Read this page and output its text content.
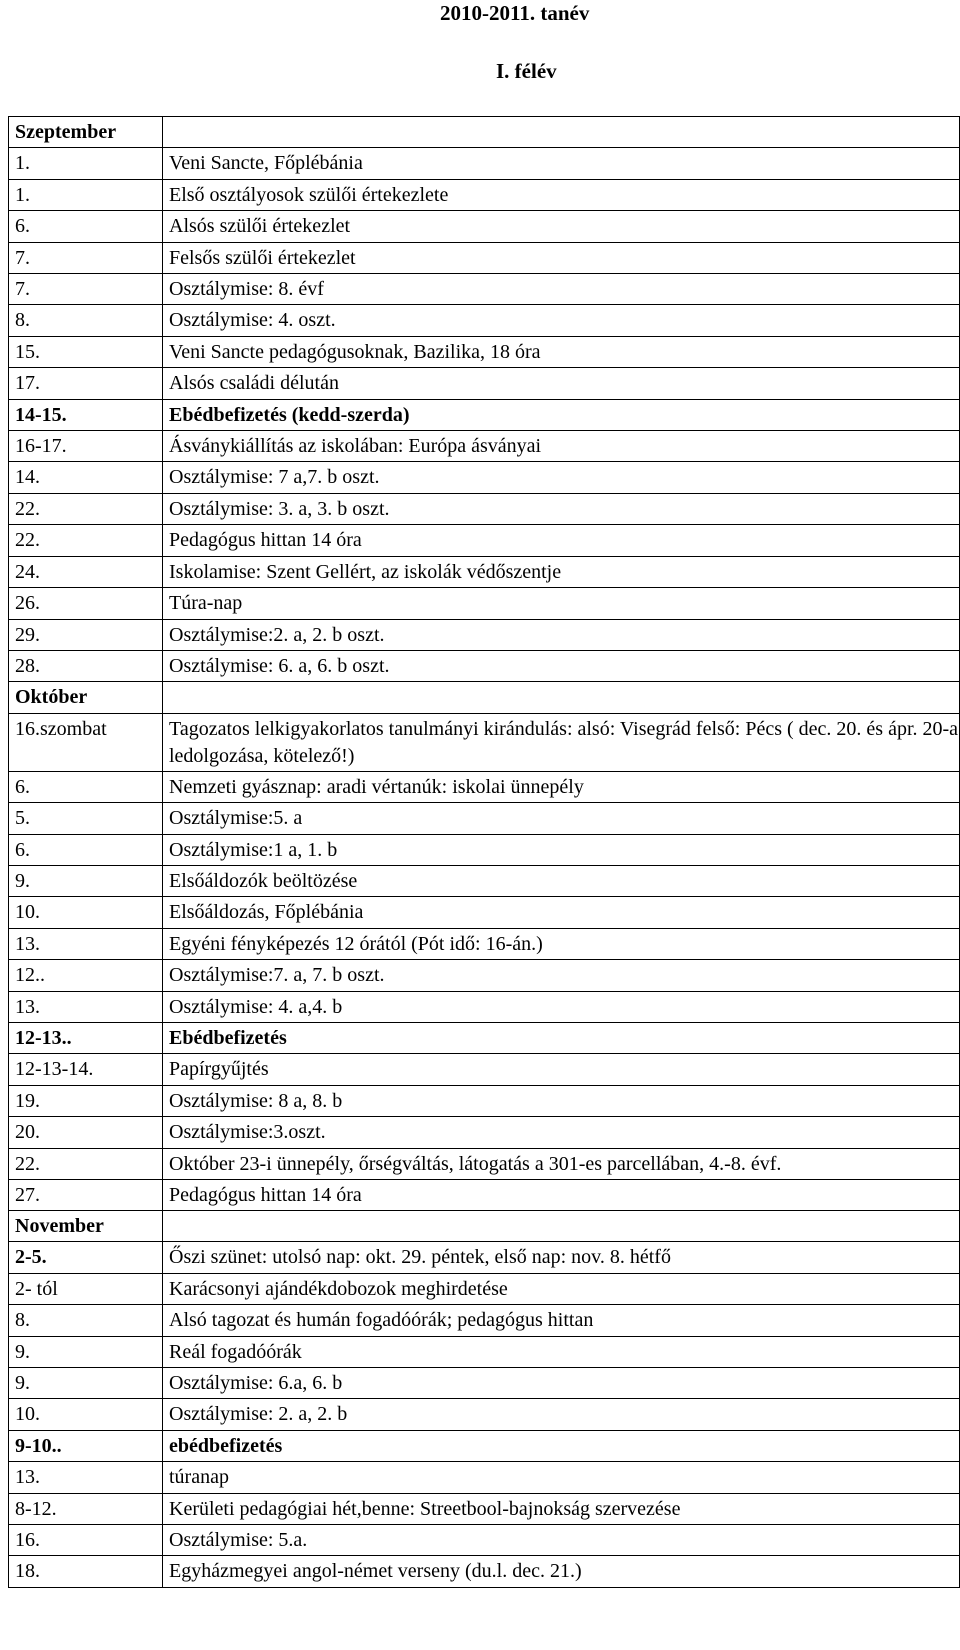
2010-2011. tanév
I. félév
Szeptember	
1.	Veni Sancte, Főplébánia
1.	Első osztályosok szülői értekezlete
6.	Alsós szülői értekezlet
7.	Felsős szülői értekezlet
7.	Osztálymise: 8. évf
8.	Osztálymise: 4. oszt.
15.	Veni Sancte pedagógusoknak, Bazilika, 18 óra
17.	Alsós családi délután
14-15.	Ebédbefizetés (kedd-szerda)
16-17.	Ásványkiállítás az iskolában: Európa ásványai
14.	Osztálymise: 7 a,7. b oszt.
22.	Osztálymise: 3. a, 3. b oszt.
22.	Pedagógus hittan 14 óra
24.	Iskolamise: Szent Gellért, az iskolák védőszentje
26.	Túra-nap
29.	Osztálymise:2. a, 2. b oszt.
28.	Osztálymise: 6. a, 6. b oszt.
Október	
16.szombat	Tagozatos lelkigyakorlatos tanulmányi kirándulás: alsó: Visegrád felső: Pécs ( dec. 20. és ápr. 20-a ledolgozása, kötelező!)
6.	Nemzeti gyásznap: aradi vértanúk: iskolai ünnepély
5.	Osztálymise:5. a
6.	Osztálymise:1 a, 1. b
9.	Elsőáldozók beöltözése
10.	Elsőáldozás, Főplébánia
13.	Egyéni fényképezés 12 órától (Pót idő: 16-án.)
12..	Osztálymise:7. a, 7. b oszt.
13.	Osztálymise: 4. a,4. b
12-13..	Ebédbefizetés
12-13-14.	Papírgyűjtés
19.	Osztálymise: 8 a, 8. b
20.	Osztálymise:3.oszt.
22.	Október 23-i ünnepély, őrségváltás, látogatás a 301-es parcellában, 4.-8. évf.
27.	Pedagógus hittan 14 óra
November	
2-5.	Őszi szünet: utolsó nap: okt. 29. péntek, első nap: nov. 8. hétfő
2- tól	Karácsonyi ajándékdobozok meghirdetése
8.	Alsó tagozat és humán fogadóórák; pedagógus hittan
9.	Reál fogadóórák
9.	Osztálymise: 6.a, 6. b
10.	Osztálymise: 2. a, 2. b
9-10..	ebédbefizetés
13.	túranap
8-12.	Kerületi pedagógiai hét,benne: Streetbool-bajnokság szervezése
16.	Osztálymise: 5.a.
18.	Egyházmegyei angol-német verseny (du.l. dec. 21.)
